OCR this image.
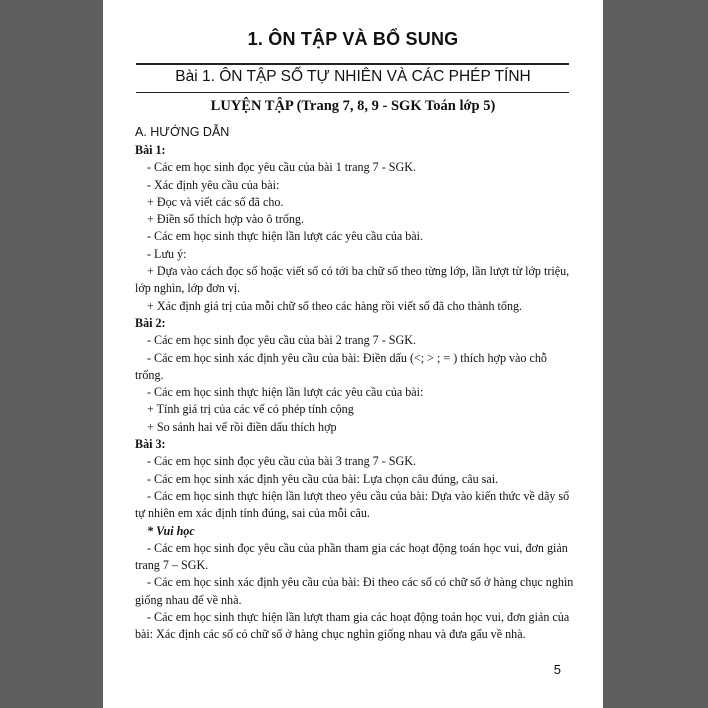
1. ÔN TẬP VÀ BỔ SUNG
Bài 1. ÔN TẬP SỐ TỰ NHIÊN VÀ CÁC PHÉP TÍNH
LUYỆN TẬP (Trang 7, 8, 9 - SGK Toán lớp 5)
A. HƯỚNG DẪN

Bài 1:

- Các em học sinh đọc yêu cầu của bài 1 trang 7 - SGK.

- Xác định yêu cầu của bài:

+ Đọc và viết các số đã cho.

+ Điền số thích hợp vào ô trống.

- Các em học sinh thực hiện lần lượt các yêu cầu của bài.

- Lưu ý:

+ Dựa vào cách đọc số hoặc viết số có tới ba chữ số theo từng lớp, lần lượt từ lớp triệu, lớp nghìn, lớp đơn vị.

+ Xác định giá trị của mỗi chữ số theo các hàng rồi viết số đã cho thành tổng.

Bài 2:

- Các em học sinh đọc yêu cầu của bài 2 trang 7 - SGK.

- Các em học sinh xác định yêu cầu của bài: Điền dấu (<; > ; = ) thích hợp vào chỗ trống.

- Các em học sinh thực hiện lần lượt các yêu cầu của bài:

+ Tính giá trị của các vế có phép tính cộng

+ So sánh hai vế rồi điền dấu thích hợp

Bài 3:

- Các em học sinh đọc yêu cầu của bài 3 trang 7 - SGK.

- Các em học sinh xác định yêu cầu của bài: Lựa chọn câu đúng, câu sai.

- Các em học sinh thực hiện lần lượt theo yêu cầu của bài: Dựa vào kiến thức về dãy số tự nhiên em xác định tính đúng, sai của mỗi câu.

* Vui học

- Các em học sinh đọc yêu cầu của phần tham gia các hoạt động toán học vui, đơn giản trang 7 – SGK.

- Các em học sinh xác định yêu cầu của bài: Đi theo các số có chữ số ở hàng chục nghìn giống nhau để về nhà.

- Các em học sinh thực hiện lần lượt tham gia các hoạt động toán học vui, đơn giản của bài: Xác định các số có chữ số ở hàng chục nghìn giống nhau và đưa gấu về nhà.

5
